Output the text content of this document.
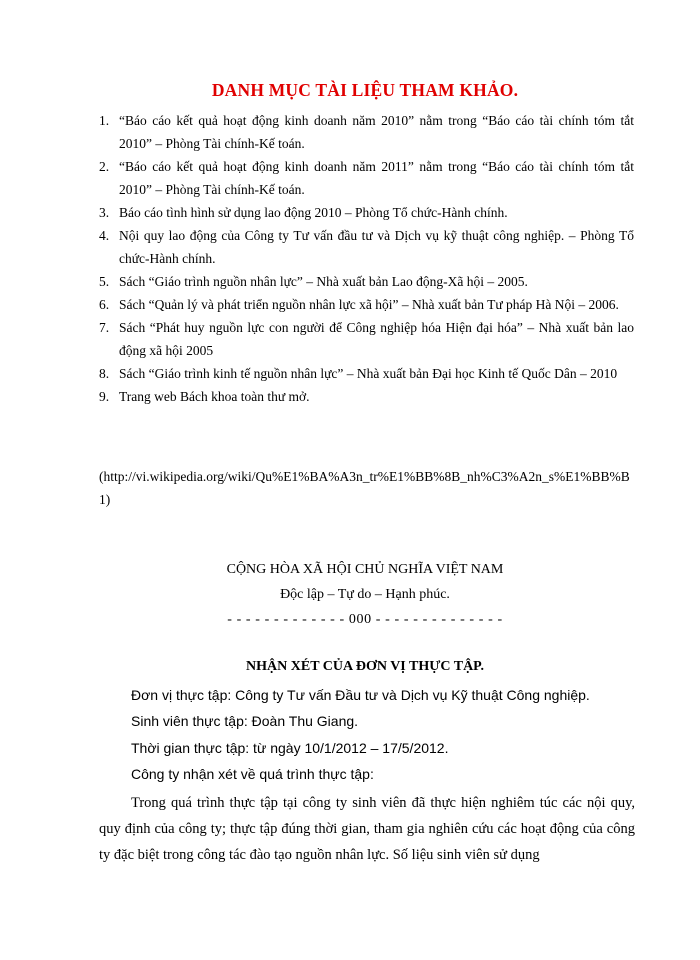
DANH MỤC TÀI LIỆU THAM KHẢO.
1. “Báo cáo kết quả hoạt động kinh doanh năm 2010” nằm trong “Báo cáo tài chính tóm tắt 2010” – Phòng Tài chính-Kế toán.
2. “Báo cáo kết quả hoạt động kinh doanh năm 2011” nằm trong “Báo cáo tài chính tóm tắt 2010” – Phòng Tài chính-Kế toán.
3. Báo cáo tình hình sử dụng lao động 2010 – Phòng Tổ chức-Hành chính.
4. Nội quy lao động của Công ty Tư vấn đầu tư và Dịch vụ kỹ thuật công nghiệp. – Phòng Tổ chức-Hành chính.
5. Sách “Giáo trình nguồn nhân lực” – Nhà xuất bản Lao động-Xã hội – 2005.
6. Sách “Quản lý và phát triển nguồn nhân lực xã hội” – Nhà xuất bản Tư pháp Hà Nội – 2006.
7. Sách “Phát huy nguồn lực con người để Công nghiệp hóa Hiện đại hóa” – Nhà xuất bản lao động xã hội 2005
8. Sách “Giáo trình kinh tế nguồn nhân lực” – Nhà xuất bản Đại học Kinh tế Quốc Dân – 2010
9. Trang web Bách khoa toàn thư mở.
(http://vi.wikipedia.org/wiki/Qu%E1%BA%A3n_tr%E1%BB%8B_nh%C3%A2n_s%E1%BB%B1)
CỘNG HÒA XÃ HỘI CHỦ NGHĨA VIỆT NAM
Độc lập – Tự do – Hạnh phúc.
- - - - - - - - - - - - - 000 - - - - - - - - - - - - - -
NHẬN XÉT CỦA ĐƠN VỊ THỰC TẬP.
Đơn vị thực tập: Công ty Tư vấn Đầu tư và Dịch vụ Kỹ thuật Công nghiệp.
Sinh viên thực tập: Đoàn Thu Giang.
Thời gian thực tập: từ ngày 10/1/2012 – 17/5/2012.
Công ty nhận xét về quá trình thực tập:
Trong quá trình thực tập tại công ty sinh viên đã thực hiện nghiêm túc các nội quy, quy định của công ty; thực tập đúng thời gian, tham gia nghiên cứu các hoạt động của công ty đặc biệt trong công tác đào tạo nguồn nhân lực. Số liệu sinh viên sử dụng
